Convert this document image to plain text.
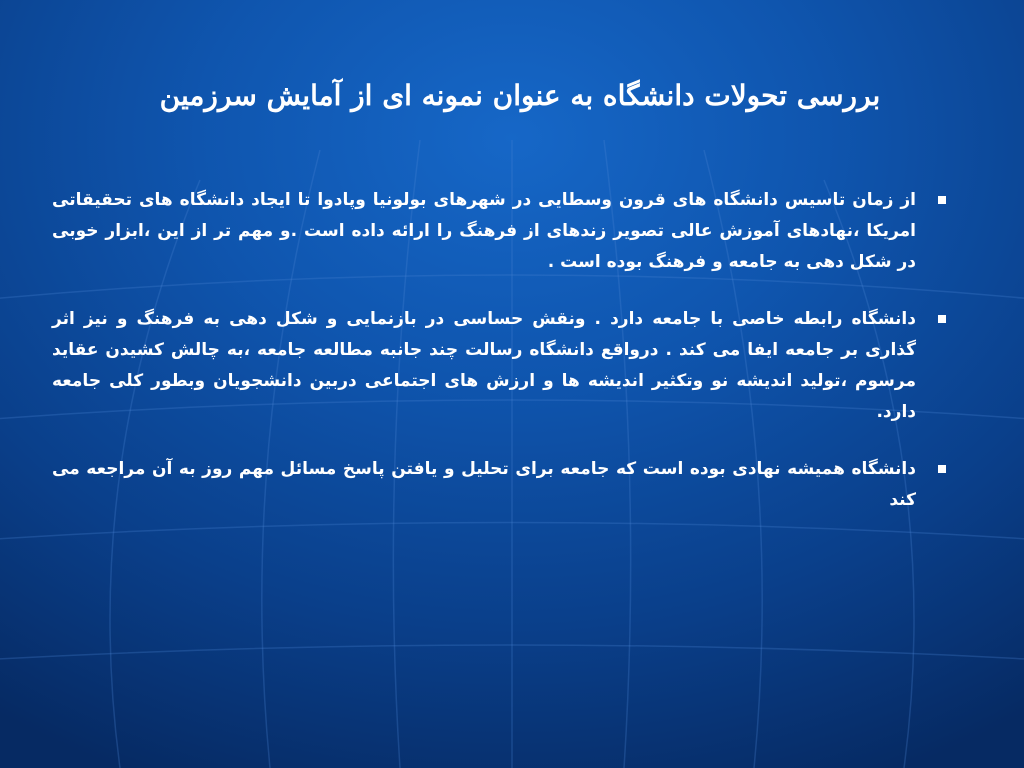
بررسی تحولات دانشگاه به عنوان نمونه ای از آمایش سرزمین
از زمان تاسیس دانشگاه های قرون وسطایی در شهرهای بولونیا وپادوا تا ایجاد دانشگاه های تحقیقاتی امریکا ،نهادهای آموزش عالی تصویر زندهای از فرهنگ را ارائه داده است .و مهم تر از این ،ابزار خوبی در شکل دهی به جامعه و فرهنگ بوده است .
دانشگاه رابطه خاصی با جامعه دارد . ونقش حساسی در بازنمایی و شکل دهی به فرهنگ و نیز اثر گذاری بر جامعه ایفا می کند . درواقع دانشگاه رسالت چند جانبه مطالعه جامعه ،به چالش کشیدن عقاید مرسوم ،تولید اندیشه نو وتکثیر اندیشه ها و ارزش های اجتماعی دربین دانشجویان وبطور کلی جامعه دارد.
دانشگاه همیشه نهادی بوده است که جامعه برای تحلیل و یافتن پاسخ مسائل مهم روز به آن مراجعه می کند
